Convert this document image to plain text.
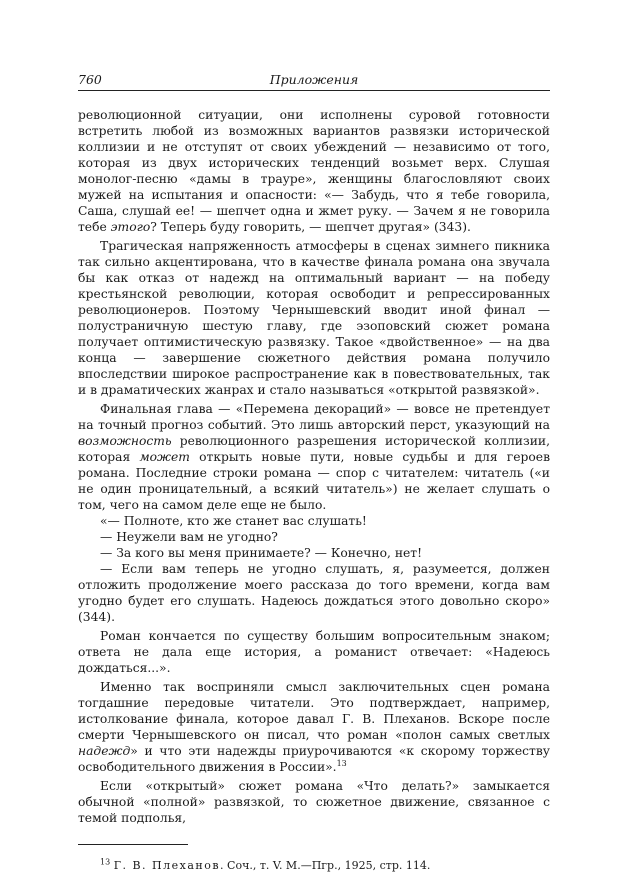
760	Приложения

революционной ситуации, они исполнены суровой готовности встретить любой из возможных вариантов развязки исторической коллизии и не отступят от своих убеждений — независимо от того, которая из двух исторических тенденций возьмет верх. Слушая монолог-песню «дамы в трауре», женщины благословляют своих мужей на испытания и опасности: «— Забудь, что я тебе говорила, Саша, слушай ее! — шепчет одна и жмет руку. — Зачем я не говорила тебе этого? Теперь буду говорить, — шепчет другая» (343).

Трагическая напряженность атмосферы в сценах зимнего пикника так сильно акцентирована, что в качестве финала романа она звучала бы как отказ от надежд на оптимальный вариант — на победу крестьянской революции, которая освободит и репрессированных революционеров. Поэтому Чернышевский вводит иной финал — полустраничную шестую главу, где эзоповский сюжет романа получает оптимистическую развязку. Такое «двойственное» — на два конца — завершение сюжетного действия романа получило впоследствии широкое распространение как в повествовательных, так и в драматических жанрах и стало называться «открытой развязкой».

Финальная глава — «Перемена декораций» — вовсе не претендует на точный прогноз событий. Это лишь авторский перст, указующий на возможность революционного разрешения исторической коллизии, которая может открыть новые пути, новые судьбы и для героев романа. Последние строки романа — спор с читателем: читатель («и не один проницательный, а всякий читатель») не желает слушать о том, чего на самом деле еще не было.

«— Полноте, кто же станет вас слушать!

— Неужели вам не угодно?

— За кого вы меня принимаете? — Конечно, нет!

— Если вам теперь не угодно слушать, я, разумеется, должен отложить продолжение моего рассказа до того времени, когда вам угодно будет его слушать. Надеюсь дождаться этого довольно скоро» (344).

Роман кончается по существу большим вопросительным знаком; ответа не дала еще история, а романист отвечает: «Надеюсь дождаться...».

Именно так восприняли смысл заключительных сцен романа тогдашние передовые читатели. Это подтверждает, например, истолкование финала, которое давал Г. В. Плеханов. Вскоре после смерти Чернышевского он писал, что роман «полон самых светлых надежд» и что эти надежды приурочиваются «к скорому торжеству освободительного движения в России».$^{13}$

Если «открытый» сюжет романа «Что делать?» замыкается обычной «полной» развязкой, то сюжетное движение, связанное с темой подполья,

$^{13}$ Г. В. Плеханов. Соч., т. V. М.—Пгр., 1925, стр. 114.
